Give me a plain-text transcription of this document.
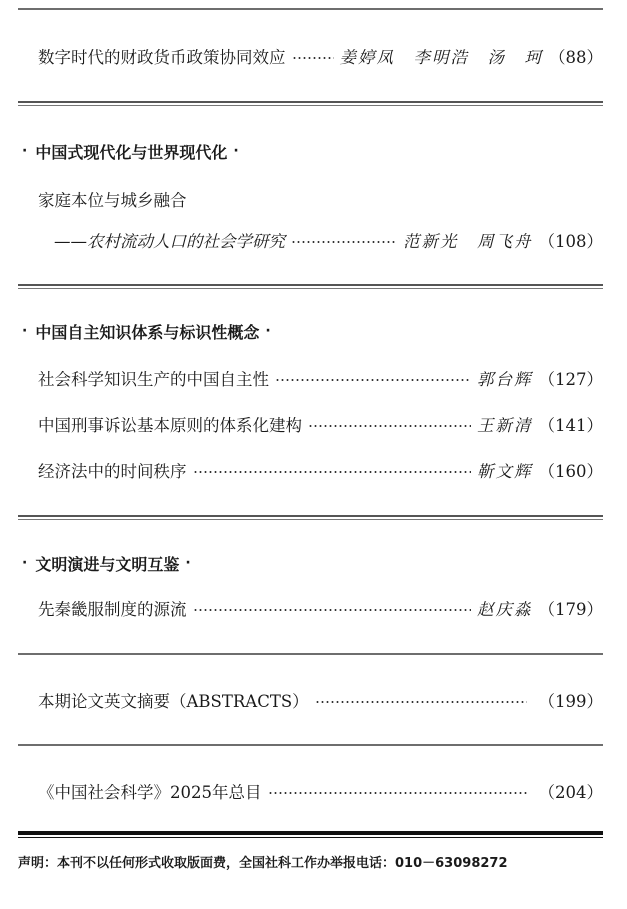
数字时代的财政货币政策协同效应	姜婷凤　李明浩　汤　珂 （88）
· 中国式现代化与世界现代化 ·
家庭本位与城乡融合
——农村流动人口的社会学研究	范新光　周飞舟 （108）
· 中国自主知识体系与标识性概念 ·
社会科学知识生产的中国自主性	郭台辉 （127）
中国刑事诉讼基本原则的体系化建构	王新清 （141）
经济法中的时间秩序	靳文辉 （160）
· 文明演进与文明互鉴 ·
先秦畿服制度的源流	赵庆淼 （179）
本期论文英文摘要（ABSTRACTS）	（199）
《中国社会科学》2025年总目	（204）
声明：本刊不以任何形式收取版面费，全国社科工作办举报电话：010－63098272
